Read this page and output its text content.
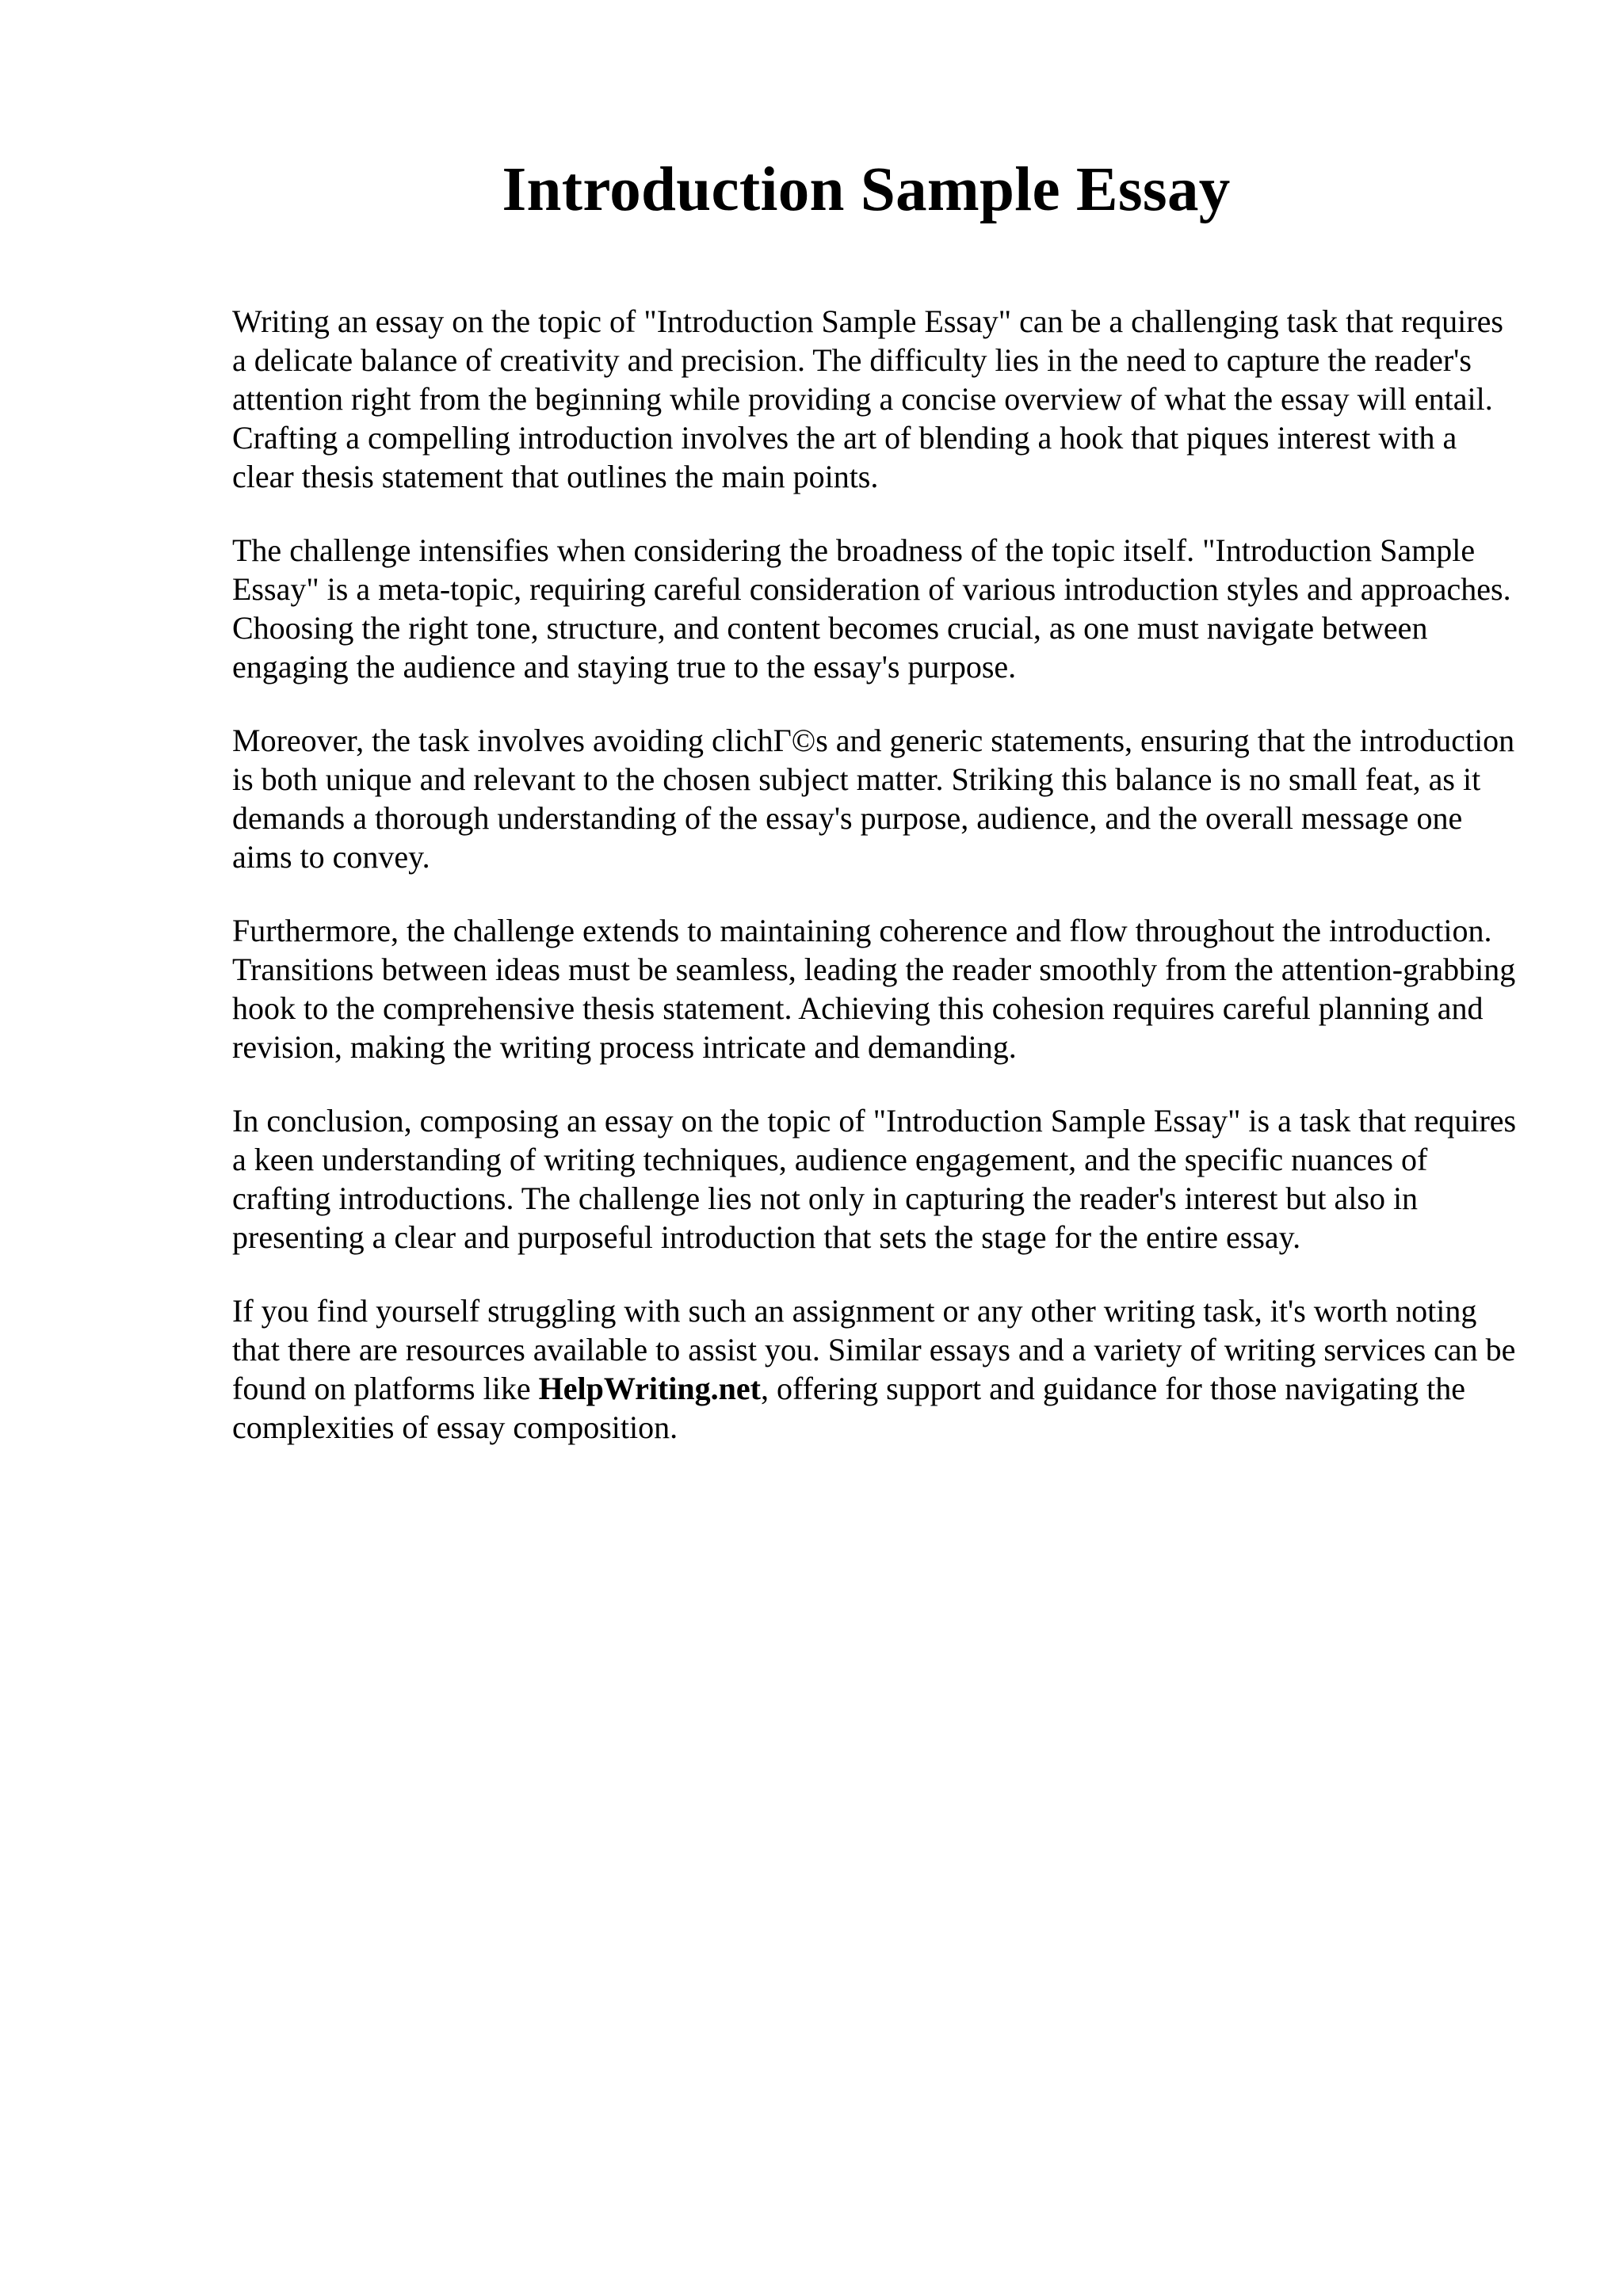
Introduction Sample Essay

Writing an essay on the topic of "Introduction Sample Essay" can be a challenging task that requires a delicate balance of creativity and precision. The difficulty lies in the need to capture the reader's attention right from the beginning while providing a concise overview of what the essay will entail. Crafting a compelling introduction involves the art of blending a hook that piques interest with a clear thesis statement that outlines the main points.

The challenge intensifies when considering the broadness of the topic itself. "Introduction Sample Essay" is a meta-topic, requiring careful consideration of various introduction styles and approaches. Choosing the right tone, structure, and content becomes crucial, as one must navigate between engaging the audience and staying true to the essay's purpose.

Moreover, the task involves avoiding clichΓ©s and generic statements, ensuring that the introduction is both unique and relevant to the chosen subject matter. Striking this balance is no small feat, as it demands a thorough understanding of the essay's purpose, audience, and the overall message one aims to convey.

Furthermore, the challenge extends to maintaining coherence and flow throughout the introduction. Transitions between ideas must be seamless, leading the reader smoothly from the attention-grabbing hook to the comprehensive thesis statement. Achieving this cohesion requires careful planning and revision, making the writing process intricate and demanding.

In conclusion, composing an essay on the topic of "Introduction Sample Essay" is a task that requires a keen understanding of writing techniques, audience engagement, and the specific nuances of crafting introductions. The challenge lies not only in capturing the reader's interest but also in presenting a clear and purposeful introduction that sets the stage for the entire essay.

If you find yourself struggling with such an assignment or any other writing task, it's worth noting that there are resources available to assist you. Similar essays and a variety of writing services can be found on platforms like HelpWriting.net, offering support and guidance for those navigating the complexities of essay composition.
